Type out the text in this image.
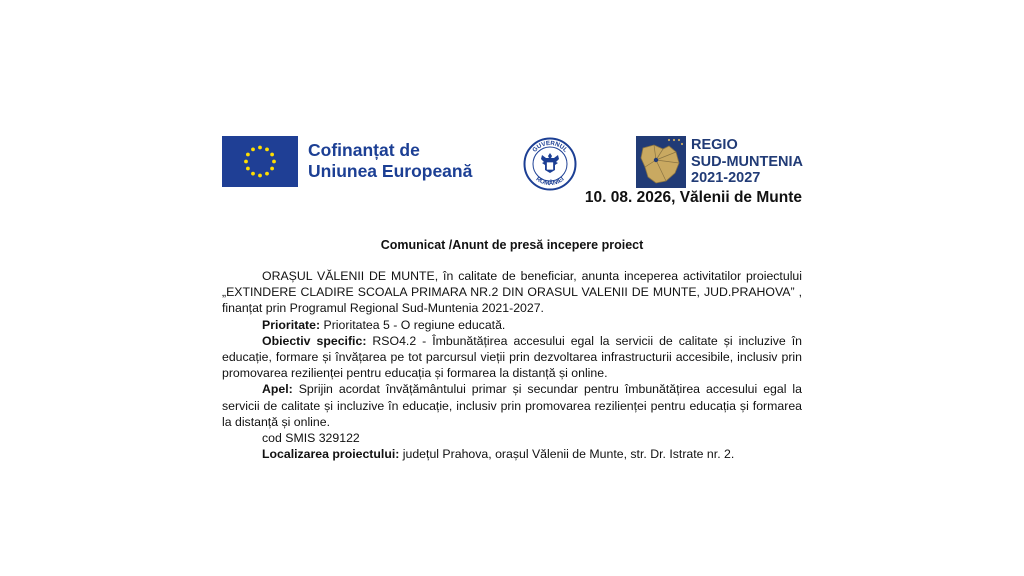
Cofinanțat de
Uniunea Europeană
GUVERNUL
ROMÂNIEI
REGIO
SUD-MUNTENIA
2021-2027
10. 08. 2026, Vălenii de Munte
Comunicat /Anunt de presă incepere proiect

ORAȘUL VĂLENII DE MUNTE, în calitate de beneficiar, anunta inceperea activitatilor proiectului „EXTINDERE CLADIRE SCOALA PRIMARA NR.2 DIN ORASUL VALENII DE MUNTE, JUD.PRAHOVA” , finanțat prin Programul Regional Sud-Muntenia 2021-2027.

Prioritate: Prioritatea 5 - O regiune educată.

Obiectiv specific: RSO4.2 - Îmbunătățirea accesului egal la servicii de calitate și incluzive în educație, formare și învățarea pe tot parcursul vieții prin dezvoltarea infrastructurii accesibile, inclusiv prin promovarea rezilienței pentru educația și formarea la distanță și online.

Apel: Sprijin acordat învățământului primar și secundar pentru îmbunătățirea accesului egal la servicii de calitate și incluzive în educație, inclusiv prin promovarea rezilienței pentru educația și formarea la distanță și online.

cod SMIS 329122

Localizarea proiectului: județul Prahova, orașul Vălenii de Munte, str. Dr. Istrate nr. 2.
